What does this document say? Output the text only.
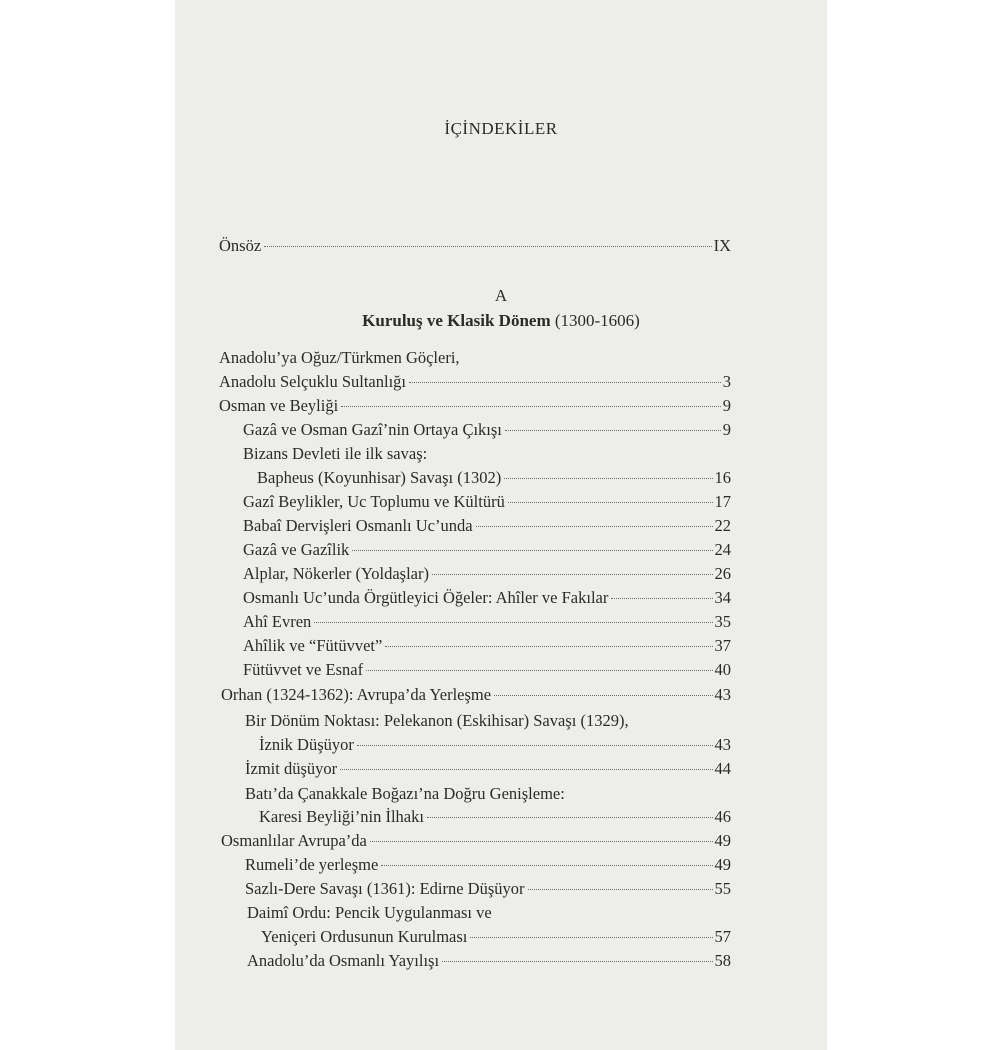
İÇİNDEKİLER
Önsöz	IX
A
Kuruluş ve Klasik Dönem (1300-1606)
Anadolu’ya Oğuz/Türkmen Göçleri,
Anadolu Selçuklu Sultanlığı	3
Osman ve Beyliği	9
Gazâ ve Osman Gazî’nin Ortaya Çıkışı	9
Bizans Devleti ile ilk savaş:
Bapheus (Koyunhisar) Savaşı (1302)	16
Gazî Beylikler, Uc Toplumu ve Kültürü	17
Babaî Dervişleri Osmanlı Uc’unda	22
Gazâ ve Gazîlik	24
Alplar, Nökerler (Yoldaşlar)	26
Osmanlı Uc’unda Örgütleyici Öğeler: Ahîler ve Fakılar	34
Ahî Evren	35
Ahîlik ve “Fütüvvet”	37
Fütüvvet ve Esnaf	40
Orhan (1324-1362): Avrupa’da Yerleşme	43
Bir Dönüm Noktası: Pelekanon (Eskihisar) Savaşı (1329),
İznik Düşüyor	43
İzmit düşüyor	44
Batı’da Çanakkale Boğazı’na Doğru Genişleme:
Karesi Beyliği’nin İlhakı	46
Osmanlılar Avrupa’da	49
Rumeli’de yerleşme	49
Sazlı-Dere Savaşı (1361): Edirne Düşüyor	55
Daimî Ordu: Pencik Uygulanması ve
Yeniçeri Ordusunun Kurulması	57
Anadolu’da Osmanlı Yayılışı	58
